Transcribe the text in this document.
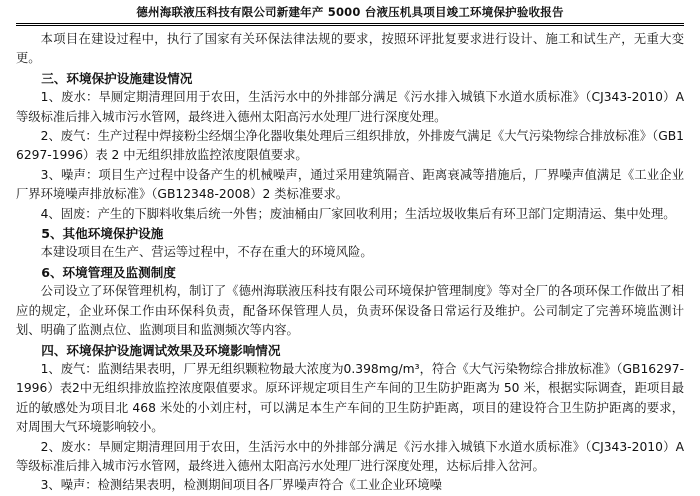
德州海联液压科技有限公司新建年产 5000 台液压机具项目竣工环境保护验收报告

本项目在建设过程中，执行了国家有关环保法律法规的要求，按照环评批复要求进行设计、施工和试生产，无重大变更。

三、环境保护设施建设情况

1、废水：旱厕定期清理回用于农田，生活污水中的外排部分满足《污水排入城镇下水道水质标准》（CJ343-2010）A 等级标准后排入城市污水管网，最终进入德州太阳高污水处理厂进行深度处理。

2、废气：生产过程中焊接粉尘经烟尘净化器收集处理后三组织排放，外排废气满足《大气污染物综合排放标准》（GB16297-1996）表 2 中无组织排放监控浓度限值要求。

3、噪声：项目生产过程中设备产生的机械噪声，通过采用建筑隔音、距离衰减等措施后，厂界噪声值满足《工业企业厂界环境噪声排放标准》（GB12348-2008）2 类标准要求。

4、固废：产生的下脚料收集后统一外售；废油桶由厂家回收利用；生活垃圾收集后有环卫部门定期清运、集中处理。

5、其他环境保护设施

本建设项目在生产、营运等过程中，不存在重大的环境风险。

6、环境管理及监测制度

公司设立了环保管理机构，制订了《德州海联液压科技有限公司环境保护管理制度》等对全厂的各项环保工作做出了相应的规定，企业环保工作由环保科负责，配备环保管理人员，负责环保设备日常运行及维护。公司制定了完善环境监测计划、明确了监测点位、监测项目和监测频次等内容。

四、环境保护设施调试效果及环境影响情况

1、废气：监测结果表明，厂界无组织颗粒物最大浓度为0.398mg/m³，符合《大气污染物综合排放标准》（GB16297-1996）表2中无组织排放监控浓度限值要求。原环评规定项目生产车间的卫生防护距离为 50 米，根据实际调查，距项目最近的敏感处为项目北 468 米处的小刘庄村，可以满足本生产车间的卫生防护距离，项目的建设符合卫生防护距离的要求，对周围大气环境影响较小。

2、废水：旱厕定期清理回用于农田，生活污水中的外排部分满足《污水排入城镇下水道水质标准》（CJ343-2010）A 等级标准后排入城市污水管网，最终进入德州太阳高污水处理厂进行深度处理，达标后排入岔河。

3、噪声：检测结果表明，检测期间项目各厂界噪声符合《工业企业环境噪
